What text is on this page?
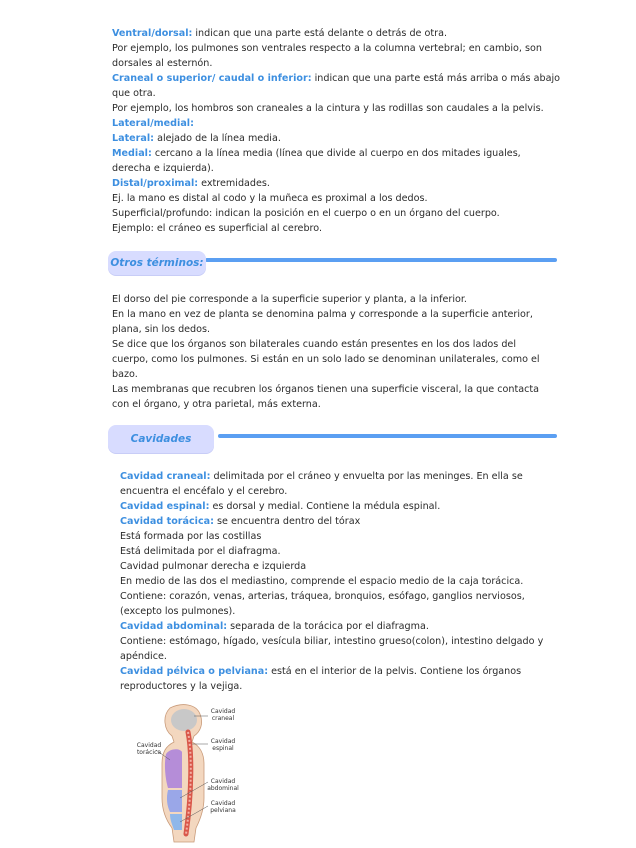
Ventral/dorsal: indican que una parte está delante o detrás de otra.
Por ejemplo, los pulmones son ventrales respecto a la columna vertebral; en cambio, son
dorsales al esternón.
Craneal o superior/ caudal o inferior: indican que una parte está más arriba o más abajo
que otra.
Por ejemplo, los hombros son craneales a la cintura y las rodillas son caudales a la pelvis.
Lateral/medial:
Lateral: alejado de la línea media.
Medial: cercano a la línea media (línea que divide al cuerpo en dos mitades iguales,
derecha e izquierda).
Distal/proximal: extremidades.
Ej. la mano es distal al codo y la muñeca es proximal a los dedos.
Superficial/profundo: indican la posición en el cuerpo o en un órgano del cuerpo.
Ejemplo: el cráneo es superficial al cerebro.
Otros términos:
El dorso del pie corresponde a la superficie superior y planta, a la inferior.
En la mano en vez de planta se denomina palma y corresponde a la superficie anterior,
plana, sin los dedos.
Se dice que los órganos son bilaterales cuando están presentes en los dos lados del
cuerpo, como los pulmones. Si están en un solo lado se denominan unilaterales, como el
bazo.
Las membranas que recubren los órganos tienen una superficie visceral, la que contacta
con el órgano, y otra parietal, más externa.
Cavidades
Cavidad craneal: delimitada por el cráneo y envuelta por las meninges. En ella se
encuentra el encéfalo y el cerebro.
Cavidad espinal: es dorsal y medial. Contiene la médula espinal.
Cavidad torácica: se encuentra dentro del tórax
Está formada por las costillas
Está delimitada por el diafragma.
Cavidad pulmonar derecha e izquierda
En medio de las dos el mediastino, comprende el espacio medio de la caja torácica.
Contiene: corazón, venas, arterias, tráquea, bronquios, esófago, ganglios nerviosos,
(excepto los pulmones).
Cavidad abdominal: separada de la torácica por el diafragma.
Contiene: estómago, hígado, vesícula biliar, intestino grueso(colon), intestino delgado y
apéndice.
Cavidad pélvica o pelviana: está en el interior de la pelvis. Contiene los órganos
reproductores y la vejiga.
Cavidad craneal
Cavidad espinal
Cavidad torácica
Cavidad abdominal
Cavidad pelviana
